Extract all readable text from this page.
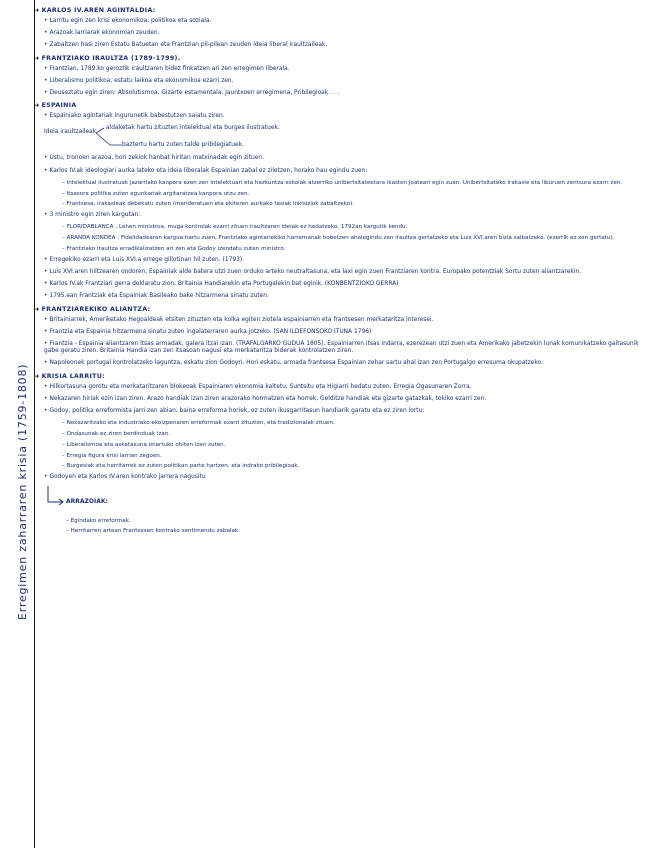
Erregimen zaharraren krisia (1759-1808)
➜ KARLOS IV.AREN AGINTALDIA:
• Larritu egin zen krisi ekonomikoa, politikoa eta soziala.
• Arazoak larriarak ekonomian zeuden.
• Zabaltzen hasi ziren Estatu Batuetan eta Frantzian pil-pilean zeuden ideia liberal iraultzaileak.
➜ FRANTZIAKO IRAULTZA (1789-1799).
• Frantzian, 1789.ko geroztik iraultzaren bidez finkatzen ari zen erregimen liberala.
• Liberalismo politikoa, estatu laikoa eta ekonomikoa ezarri zen.
• Deuseztatu egin ziren: Absolutismoa, Gizarte estamentala, Jauntxoen erregimena, Pribilegioak . . .
➜ ESPAINIA
• Espainiako agintariak ingurunetik babestutzen saiatu ziren.
Ideia iraultzaileak
aldaketak hartu zituzten intelektual eta burges ilustratuek.
baztertu hartu zuten talde pribilegiatuek.
• Ustu, tronoen arazoa, hori zekiok hanbat hiritan matxinadak egin zituen.
• Karlos IV.ak ideologiari aurka lateko eta ideia liberalak Espainian zabal ez ziletzen, horako hau egindu zuen:
– Intelektual ilustratuak jazarriako kanpora ezen zen intelektuari eta hezkuntza eskolak atzerriko unibertsitateetara ikasten joateari egin zuen. Unibertsitateko irakasle eta liburuen zentsura ezarri zen.
– Itsasora politika zuten egunkariak argitaratzea kanpora utzu zen.
– Frantsesa, irakasleak debekatu zuten (menderatuen eta ekiteren aurkako tesiak inkisiziok zabaltzeko).
• 3 ministro egin ziren kargutan:
– FLORIDABLANCA : Lehen ministroa, muga kontrolak ezarri zituen iraultzaren ideiak ez hedatzeko, 1792an kargutik kendu.
– ARANDA KONDEA : Fidelidadearen kargua hartu zuen, Frantziako agintariekiko harremanak hobetzen ahalegindu zen iraultza gertatzeko eta Luis XVI.aren bizia salbatzeko. (ezerrik ez zen gertatu).
– Frantziako iraultza erradikalizatzen ari zen eta Godoy izendatu zuten ministro.
• Erregekiko ezarri eta Luis XVI.a errege gillotinan hil zuten. (1793).
• Luis XVI.aren hiltzearen ondoren, Espainiak alde batera utzi zuen orduko arteko neutraltasuna, eta laxi egin zuen Frantziaren kontra. Europako potentziak Sortu zuten aliantzarekin.
• Karlos IV.ak Frantziari gerra deklaratu zion, Britainia Handiarekin eta Portugalekin bat eginik. (KONBENTZIOKO GERRA)
• 1795.ean Frantziak eta Espainiak Basileako bake hitzarmena sinatu zuten.
➜ FRANTZIAREKIKO ALIANTZA:
• Britainiarrek, Ameriketako Hegoaldeak etsiten zituzten eta kolka egiten ziotela espainiarren eta frantsesen merkataritza interesei.
• Frantzia eta Espainia hitzarmena sinatu zuten ingalaterraren aurka jotzeko. (SAN ILDEFONSOKO ITUNA 1796)
• Frantzia - Espainia aliantzaren itsas armadak, galera itzai izan. (TRAFALGARKO GUDUA 1805). Espainiarren itsas indarra, ezerezean utzi zuen eta Amerikako jabetzekin lunak komunikatzeko gaitasunik gabe geratu ziren. Britainia Handia izan zen itsasoan nagusi eta merkataritza biderak kontrolatzen ziren.
• Napoleonek portugal kontrolatzeko laguntza, eskatu zion Godoyri. Hori eskatu, armada frantsesa Espainian zehar sartu ahal izan zen Portugalgo erresuma okupatzeko.
➜ KRISIA LARRITU:
• Hilkortasuna gorotu eta merkataritzaren blokeoak Espainiaren ekonomia kaltetu, Suntsitu eta Higiarri hedatu zuten. Erregia Ogasunaren Zorra.
• Nekazaren hiriak ezin izan ziren. Arazo handiak izan ziren arazorako hormatzen eta horrek, Gelditze handiak eta gizarte gatazkak, tokiko ezarri zen.
• Godoy, politika erreformista jarri zen abian, baina erreforma horiek, ez zuten ikusgarritasun handiarik garatu eta ez ziren lortu:
– Nekazaritzako eta industriako ekoizpenaren erreformak ezarri zituzten, eta tradizionalak zituen.
– Ondasunak ez ziren berdinduak izan.
– Liberalismoa eta askatasuna onartuko ohiten izan zuten.
– Erregia figura krisi larrian zegoen.
– Burgesiak eta herritarrek ez zuten politikan parte hartzen, eta indrako pribilegioak.
• Godoyen eta Karlos IV.aren kontrako jarrera nagusitu
ARRAZOIAK:
– Egindako erreformak.
– Herritarren artean Frantsesen kontrako sentimendu zabalak.
